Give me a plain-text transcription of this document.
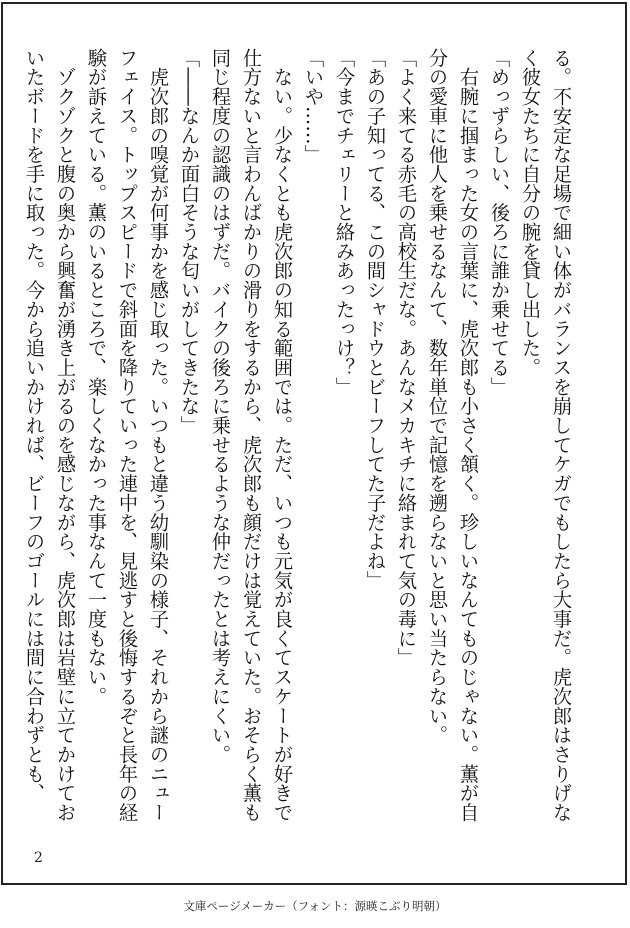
る。不安定な足場で細い体がバランスを崩してケガでもしたら大事だ。虎次郎はさりげなく彼女たちに自分の腕を貸し出した。

「めっずらしい、後ろに誰か乗せてる」

　右腕に掴まった女の言葉に、虎次郎も小さく頷く。珍しいなんてものじゃない。薫が自分の愛車に他人を乗せるなんて、数年単位で記憶を遡らないと思い当たらない。

「よく来てる赤毛の高校生だな。あんなメカキチに絡まれて気の毒に」

「あの子知ってる、この間シャドウとビーフしてた子だよね」

「今までチェリーと絡みあったっけ？」

「いや……」

　ない。少なくとも虎次郎の知る範囲では。ただ、いつも元気が良くてスケートが好きで仕方ないと言わんばかりの滑りをするから、虎次郎も顔だけは覚えていた。おそらく薫も同じ程度の認識のはずだ。バイクの後ろに乗せるような仲だったとは考えにくい。

「――なんか面白そうな匂いがしてきたな」

　虎次郎の嗅覚が何事かを感じ取った。いつもと違う幼馴染の様子、それから謎のニューフェイス。トップスピードで斜面を降りていった連中を、見逃すと後悔するぞと長年の経験が訴えている。薫のいるところで、楽しくなかった事なんて一度もない。

　ゾクゾクと腹の奥から興奮が湧き上がるのを感じながら、虎次郎は岩壁に立てかけておいたボードを手に取った。今から追いかければ、ビーフのゴールには間に合わずとも、

2
文庫ページメーカー（フォント：源暎こぶり明朝）
